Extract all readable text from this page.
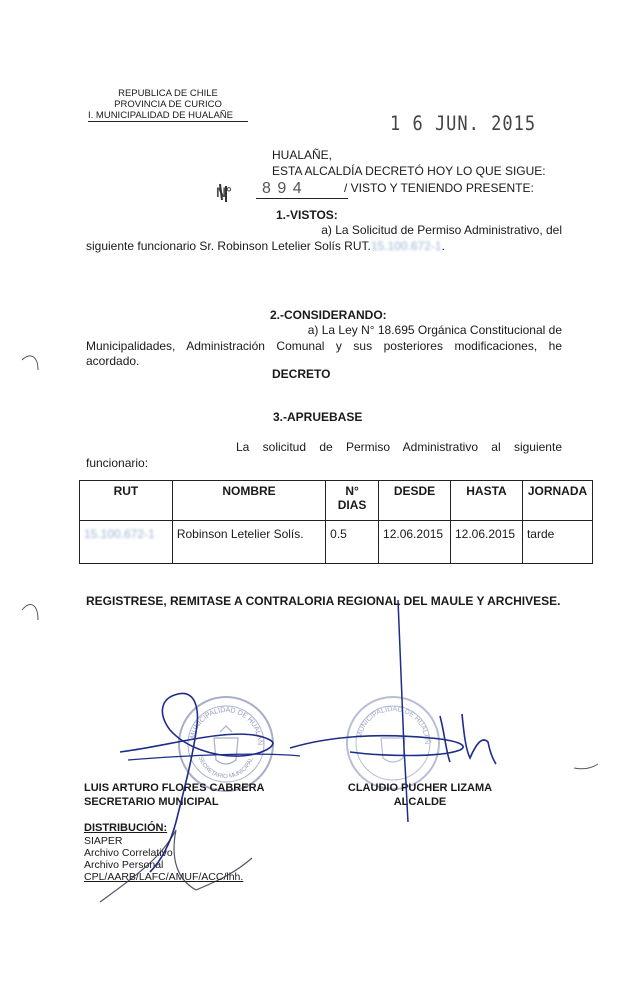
REPUBLICA DE CHILE
PROVINCIA DE CURICO
I. MUNICIPALIDAD DE HUALAÑE	1 6 JUN. 2015
HUALAÑE,
ESTA ALCALDÍA DECRETÓ HOY LO QUE SIGUE:
N°	8 9 4	/ VISTO Y TENIENDO PRESENTE:
1.-VISTOS:
a) La Solicitud de Permiso Administrativo, del
siguiente funcionario Sr. Robinson Letelier Solís RUT.15.100.672-1.
2.-CONSIDERANDO:
a) La Ley N° 18.695 Orgánica Constitucional de
Municipalidades, Administración Comunal y sus posteriores modificaciones, he
acordado.
DECRETO
3.-APRUEBASE
La solicitud de Permiso Administrativo al siguiente
funcionario:
RUT	NOMBRE	N° DIAS	DESDE	HASTA	JORNADA
15.100.672-1	Robinson Letelier Solís.	0.5	12.06.2015	12.06.2015	tarde
REGISTRESE, REMITASE A CONTRALORIA REGIONAL DEL MAULE Y ARCHIVESE.
MUNICIPALIDAD DE HUALAÑ
SECRETARIO MUNICIPAL
MUNICIPALIDAD DE HUALAÑ
LUIS ARTURO FLORES CABRERA
SECRETARIO MUNICIPAL
CLAUDIO PUCHER LIZAMA
ALCALDE
DISTRIBUCIÓN:
SIAPER
Archivo Correlativo
Archivo Personal
CPL/AARB/LAFC/AMUF/ACC/lhh.
